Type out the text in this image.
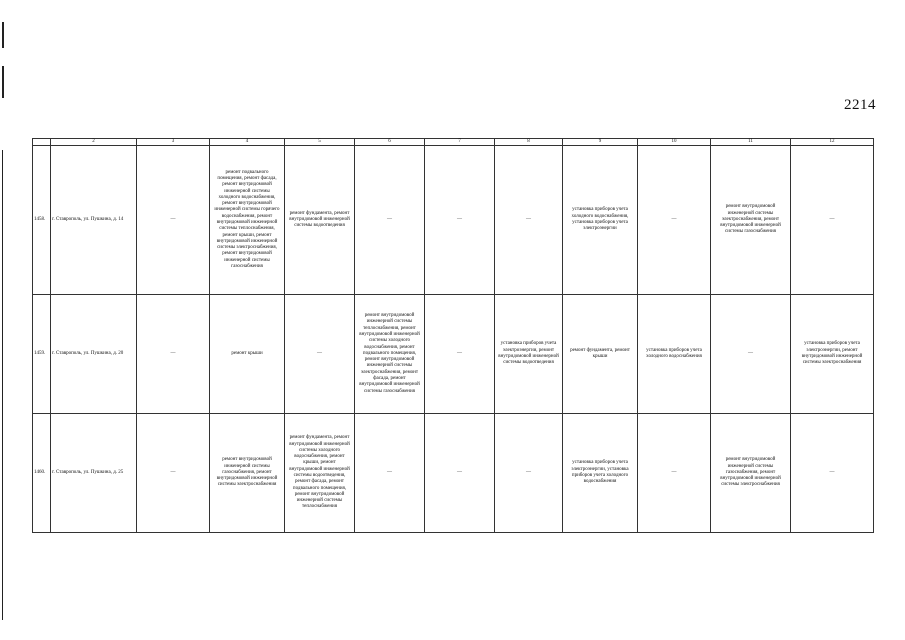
2214
	2	3	4	5	6	7	8	9	10	11	12
1458.	г. Ставрополь, ул. Пушкина, д. 14	—	ремонт подвального помещения, ремонт фасада, ремонт внутридомовой инженерной системы холодного водоснабжения, ремонт внутридомовой инженерной системы горячего водоснабжения, ремонт внутридомовой инженерной системы теплоснабжения, ремонт крыши, ремонт внутридомовой инженерной системы электроснабжения, ремонт внутридомовой инженерной системы газоснабжения	ремонт фундамента, ремонт внутридомовой инженерной системы водоотведения	—	—	—	установка приборов учета холодного водоснабжения, установка приборов учета электроэнергии	—	ремонт внутридомовой инженерной системы электроснабжения, ремонт внутридомовой инженерной системы газоснабжения	—
1459.	г. Ставрополь, ул. Пушкина, д. 20	—	ремонт крыши	—	ремонт внутридомовой инженерной системы теплоснабжения, ремонт внутридомовой инженерной системы холодного водоснабжения, ремонт подвального помещения, ремонт внутридомовой инженерной системы электроснабжения, ремонт фасада, ремонт внутридомовой инженерной системы газоснабжения	—	установка приборов учета электроэнергии, ремонт внутридомовой инженерной системы водоотведения	ремонт фундамента, ремонт крыши	установка приборов учета холодного водоснабжения	—	установка приборов учета электроэнергии, ремонт внутридомовой инженерной системы электроснабжения
1460.	г. Ставрополь, ул. Пушкина, д. 25	—	ремонт внутридомовой инженерной системы газоснабжения, ремонт внутридомовой инженерной системы электроснабжения	ремонт фундамента, ремонт внутридомовой инженерной системы холодного водоснабжения, ремонт крыши, ремонт внутридомовой инженерной системы водоотведения, ремонт фасада, ремонт подвального помещения, ремонт внутридомовой инженерной системы теплоснабжения	—	—	—	установка приборов учета электроэнергии, установка приборов учета холодного водоснабжения	—	ремонт внутридомовой инженерной системы газоснабжения, ремонт внутридомовой инженерной системы электроснабжения	—
